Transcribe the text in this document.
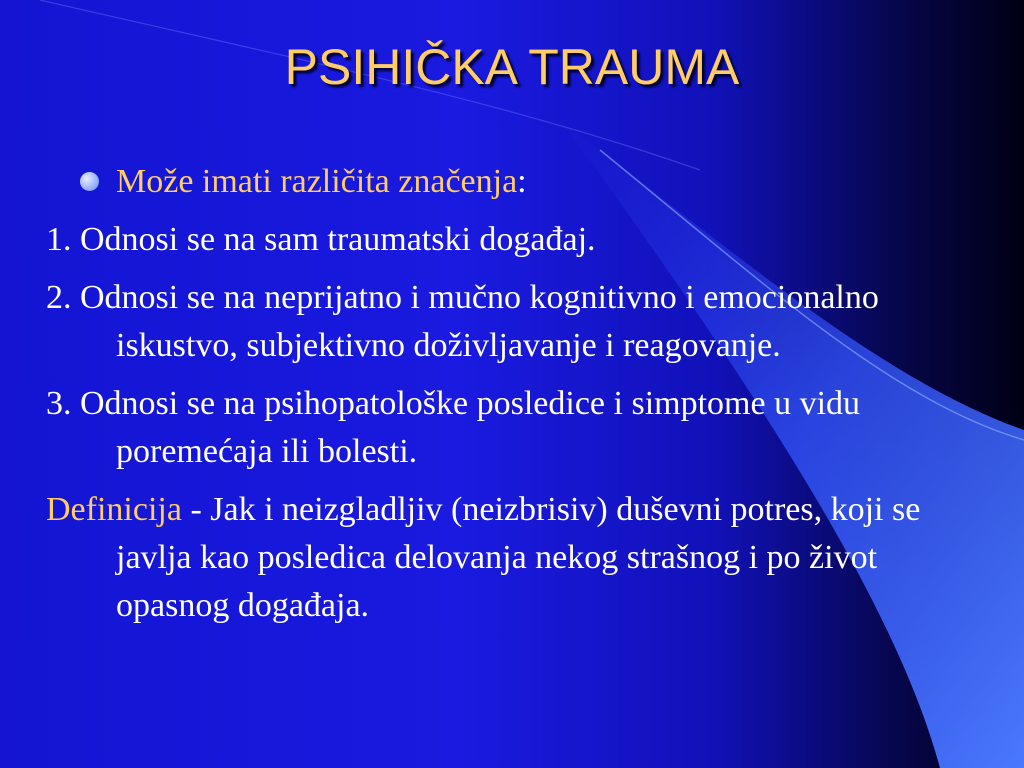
PSIHIČKA TRAUMA
Može imati različita značenja:
1. Odnosi se na sam traumatski događaj.
2. Odnosi se na neprijatno i mučno kognitivno i emocionalno iskustvo, subjektivno doživljavanje i reagovanje.
3. Odnosi se na psihopatološke posledice i simptome u vidu poremećaja ili bolesti.
Definicija - Jak i neizgladljiv (neizbrisiv) duševni potres, koji se javlja kao posledica delovanja nekog strašnog i po život opasnog događaja.
